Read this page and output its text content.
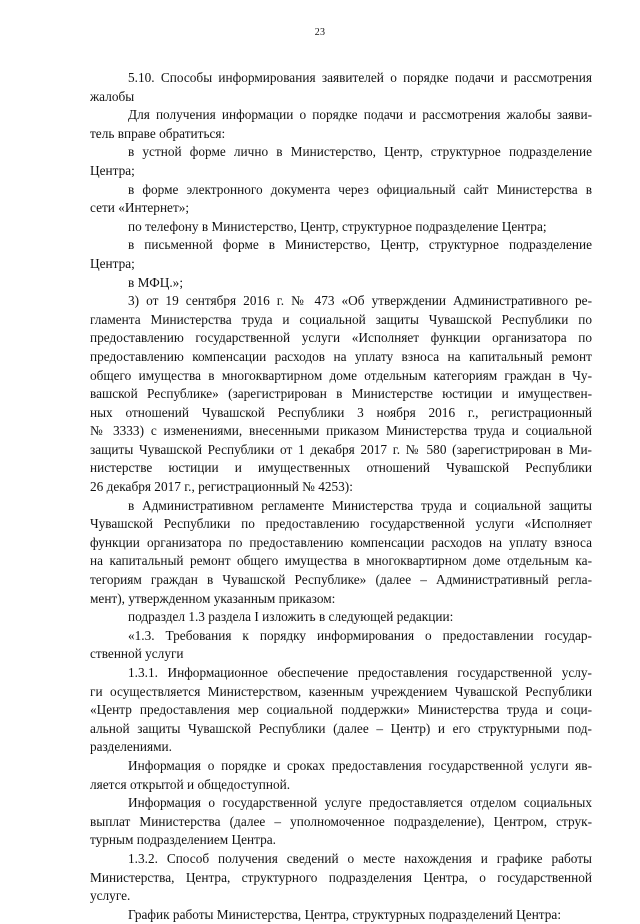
23
5.10. Способы информирования заявителей о порядке подачи и рассмотрения
жалобы
Для получения информации о порядке подачи и рассмотрения жалобы заяви-
тель вправе обратиться:
в устной форме лично в Министерство, Центр, структурное подразделение
Центра;
в форме электронного документа через официальный сайт Министерства в
сети «Интернет»;
по телефону в Министерство, Центр, структурное подразделение Центра;
в письменной форме в Министерство, Центр, структурное подразделение
Центра;
в МФЦ.»;
3) от 19 сентября 2016 г. № 473 «Об утверждении Административного ре-
гламента Министерства труда и социальной защиты Чувашской Республики по
предоставлению государственной услуги «Исполняет функции организатора по
предоставлению компенсации расходов на уплату взноса на капитальный ремонт
общего имущества в многоквартирном доме отдельным категориям граждан в Чу-
вашской Республике» (зарегистрирован в Министерстве юстиции и имуществен-
ных отношений Чувашской Республики 3 ноября 2016 г., регистрационный
№ 3333) с изменениями, внесенными приказом Министерства труда и социальной
защиты Чувашской Республики от 1 декабря 2017 г. № 580 (зарегистрирован в Ми-
нистерстве юстиции и имущественных отношений Чувашской Республики
26 декабря 2017 г., регистрационный № 4253):
в Административном регламенте Министерства труда и социальной защиты
Чувашской Республики по предоставлению государственной услуги «Исполняет
функции организатора по предоставлению компенсации расходов на уплату взноса
на капитальный ремонт общего имущества в многоквартирном доме отдельным ка-
тегориям граждан в Чувашской Республике» (далее – Административный регла-
мент), утвержденном указанным приказом:
подраздел 1.3 раздела I изложить в следующей редакции:
«1.3. Требования к порядку информирования о предоставлении государ-
ственной услуги
1.3.1. Информационное обеспечение предоставления государственной услу-
ги осуществляется Министерством, казенным учреждением Чувашской Республики
«Центр предоставления мер социальной поддержки» Министерства труда и соци-
альной защиты Чувашской Республики (далее – Центр) и его структурными под-
разделениями.
Информация о порядке и сроках предоставления государственной услуги яв-
ляется открытой и общедоступной.
Информация о государственной услуге предоставляется отделом социальных
выплат Министерства (далее – уполномоченное подразделение), Центром, струк-
турным подразделением Центра.
1.3.2. Способ получения сведений о месте нахождения и графике работы
Министерства, Центра, структурного подразделения Центра, о государственной
услуге.
График работы Министерства, Центра, структурных подразделений Центра:
